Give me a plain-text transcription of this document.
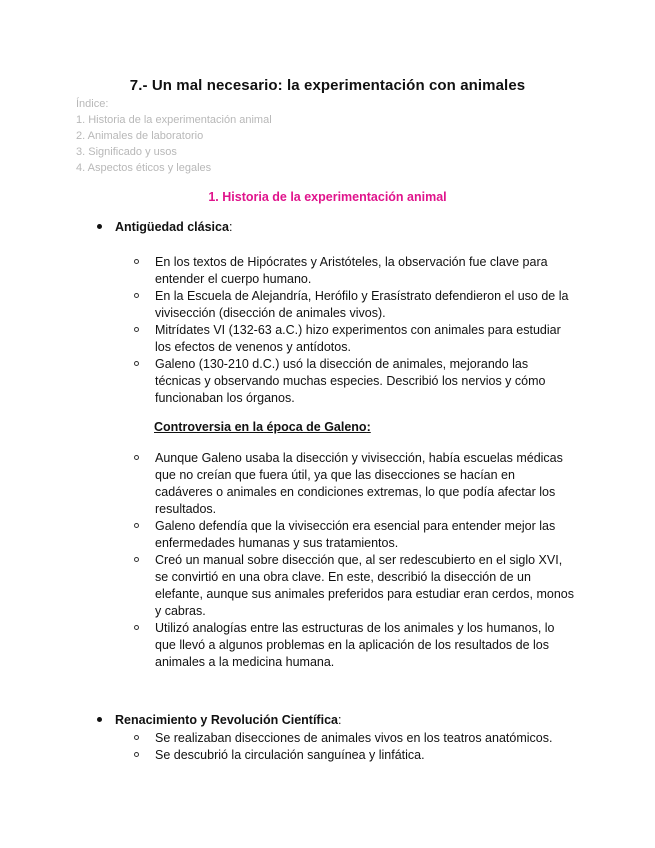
7.- Un mal necesario: la experimentación con animales
Índice:
1. Historia de la experimentación animal
2. Animales de laboratorio
3. Significado y usos
4. Aspectos éticos y legales
1. Historia de la experimentación animal
Antigüedad clásica:

En los textos de Hipócrates y Aristóteles, la observación fue clave para entender el cuerpo humano.

En la Escuela de Alejandría, Herófilo y Erasístrato defendieron el uso de la vivisección (disección de animales vivos).

Mitrídates VI (132-63 a.C.) hizo experimentos con animales para estudiar los efectos de venenos y antídotos.

Galeno (130-210 d.C.) usó la disección de animales, mejorando las técnicas y observando muchas especies. Describió los nervios y cómo funcionaban los órganos.

Controversia en la época de Galeno:

Aunque Galeno usaba la disección y vivisección, había escuelas médicas que no creían que fuera útil, ya que las disecciones se hacían en cadáveres o animales en condiciones extremas, lo que podía afectar los resultados.

Galeno defendía que la vivisección era esencial para entender mejor las enfermedades humanas y sus tratamientos.

Creó un manual sobre disección que, al ser redescubierto en el siglo XVI, se convirtió en una obra clave. En este, describió la disección de un elefante, aunque sus animales preferidos para estudiar eran cerdos, monos y cabras.

Utilizó analogías entre las estructuras de los animales y los humanos, lo que llevó a algunos problemas en la aplicación de los resultados de los animales a la medicina humana.

Renacimiento y Revolución Científica:

Se realizaban disecciones de animales vivos en los teatros anatómicos.

Se descubrió la circulación sanguínea y linfática.
